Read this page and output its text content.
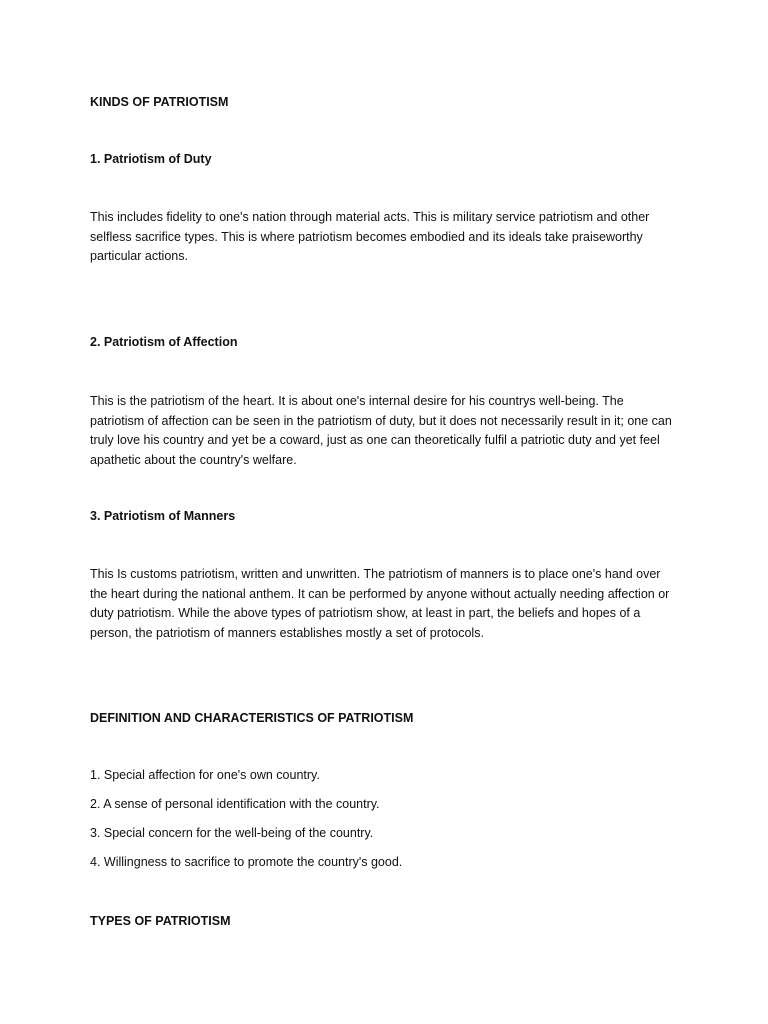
KINDS OF PATRIOTISM

1. Patriotism of Duty

This includes fidelity to one's nation through material acts. This is military service patriotism and other selfless sacrifice types. This is where patriotism becomes embodied and its ideals take praiseworthy particular actions.

2. Patriotism of Affection

This is the patriotism of the heart. It is about one's internal desire for his countrys well-being. The patriotism of affection can be seen in the patriotism of duty, but it does not necessarily result in it; one can truly love his country and yet be a coward, just as one can theoretically fulfil a patriotic duty and yet feel apathetic about the country's welfare.

3. Patriotism of Manners

This Is customs patriotism, written and unwritten. The patriotism of manners is to place one's hand over the heart during the national anthem. It can be performed by anyone without actually needing affection or duty patriotism. While the above types of patriotism show, at least in part, the beliefs and hopes of a person, the patriotism of manners establishes mostly a set of protocols.

DEFINITION AND CHARACTERISTICS OF PATRIOTISM

1. Special affection for one's own country.

2. A sense of personal identification with the country.

3. Special concern for the well-being of the country.

4. Willingness to sacrifice to promote the country's good.

TYPES OF PATRIOTISM
